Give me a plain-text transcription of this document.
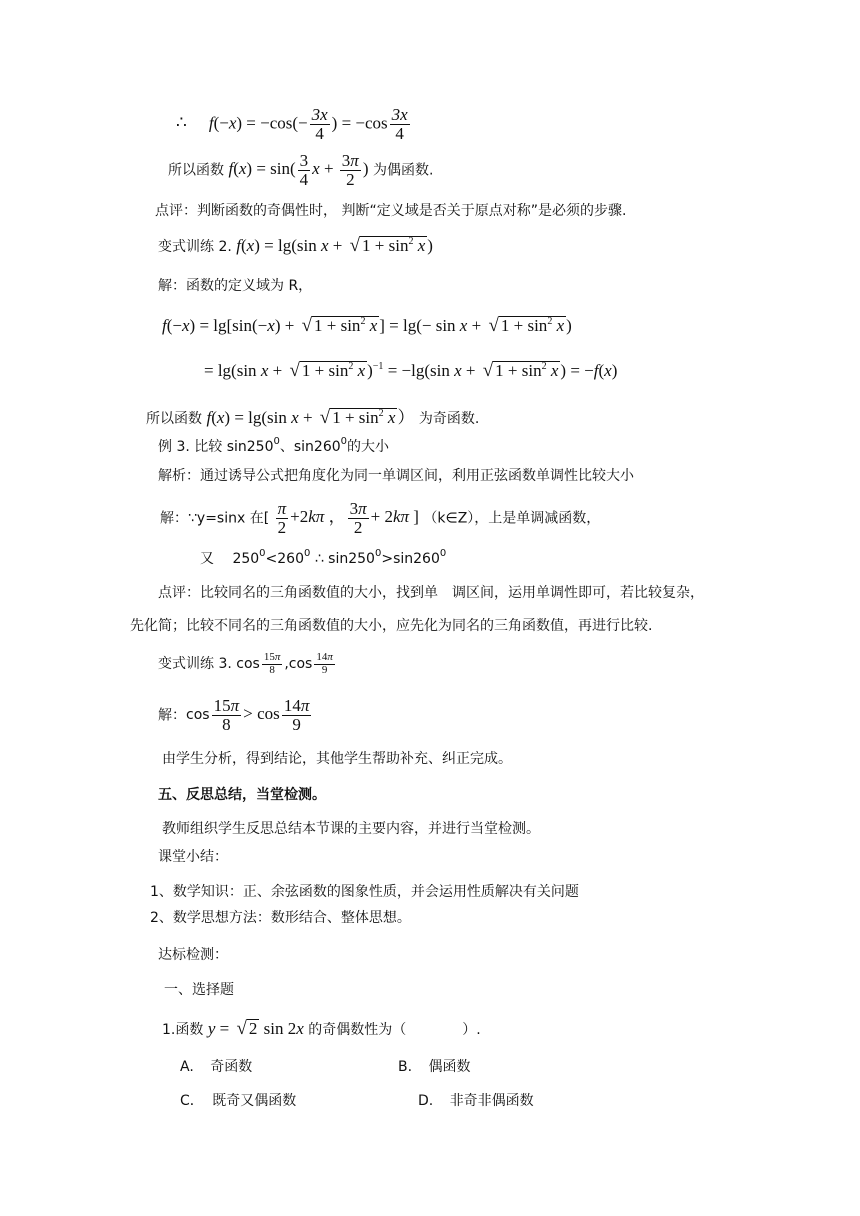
∴ $f(-x) = -\cos(- \frac{3x}{4}$ ) = $-\cos \frac{3x}{4}$
所以函数 $f(x) = \sin( \frac{3}{4}$ $x + \frac{3\pi}{2}$ ) 为偶函数.
点评：判断函数的奇偶性时， 判断“定义域是否关于原点对称”是必须的步骤.
变式训练 2. f(x) = lg(sin x + √ $1 + \sin^2 x$ )
解：函数的定义域为 R，
f(−x) = lg[sin(−x) + √ $1 + \sin^2 x$ ] = lg(− sin x + √ $1 + \sin^2 x$ )
= lg(sin x + √ $1 + \sin^2 x$ )$^{-1}$ = −lg(sin x + √ $1 + \sin^2 x$ ) = −f(x)
所以函数 f(x) = lg(sin x + √ $1 + \sin^2 x$ ） 为奇函数.
例 3. 比较 $\sin 250^0$、$\sin 260^0$的大小
解析：通过诱导公式把角度化为同一单调区间，利用正弦函数单调性比较大小
解：∵y=sinx 在[ $\frac{\pi}{2} +2k\pi$ ， $\frac{3\pi}{2} + 2k\pi$ ] （k∈Z），上是单调减函数，
又　 $250^0<260^0$ ∴ $\sin 250^0>\sin 260^0$
点评：比较同名的三角函数值的大小，找到单　调区间，运用单调性即可，若比较复杂，
先化简；比较不同名的三角函数值的大小，应先化为同名的三角函数值，再进行比较.
变式训练 3. $\cos \frac{15\pi}{8} ,\cos \frac{14\pi}{9}$
解：$\cos \frac{15\pi}{8} > \cos \frac{14\pi}{9}$
由学生分析，得到结论，其他学生帮助补充、纠正完成。
五、反思总结，当堂检测。
教师组织学生反思总结本节课的主要内容，并进行当堂检测。
课堂小结：
1、数学知识：正、余弦函数的图象性质，并会运用性质解决有关问题
2、数学思想方法：数形结合、整体思想。
达标检测：
一、选择题
1.函数 y = √ 2 sin 2x 的奇偶数性为（　　　　）.
A. 奇函数	B. 偶函数
C． 既奇又偶函数	D. 非奇非偶函数
